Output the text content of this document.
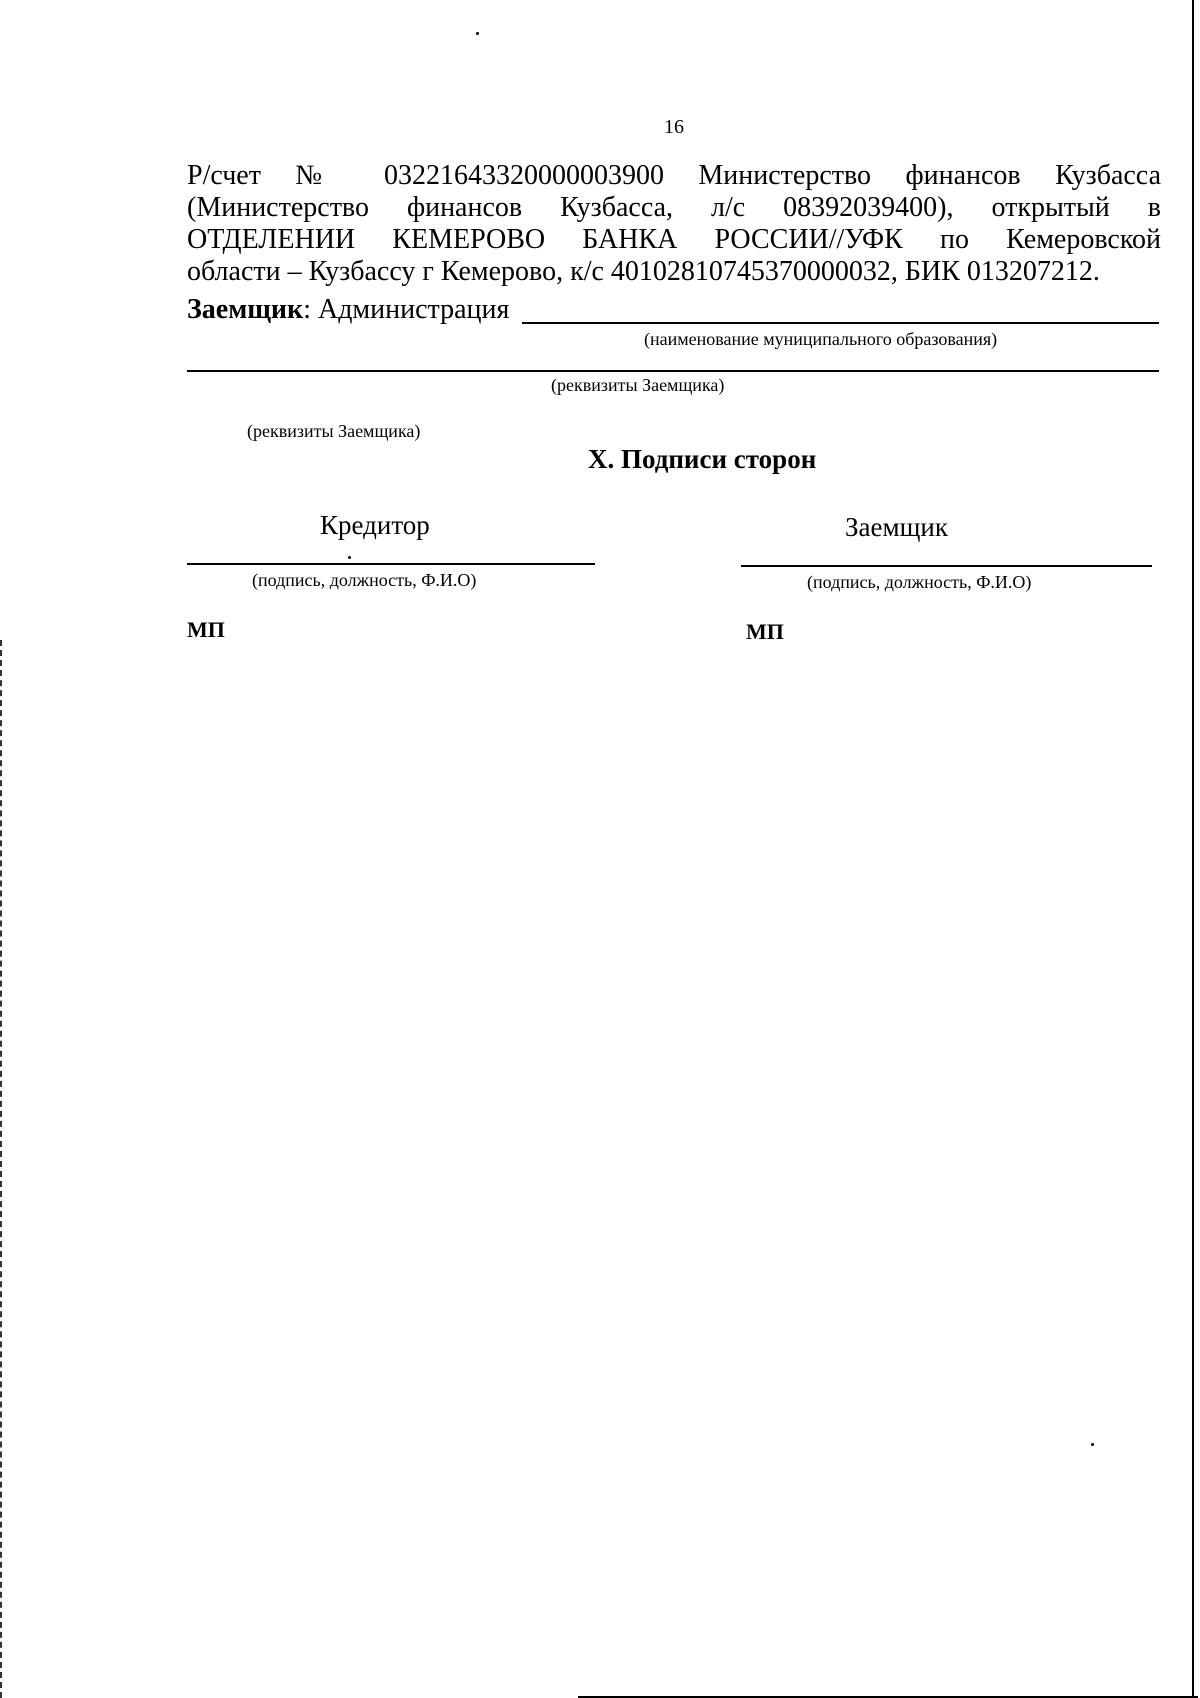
16
Р/счет № 03221643320000003900 Министерство финансов Кузбасса
(Министерство финансов Кузбасса, л/с 08392039400), открытый в
ОТДЕЛЕНИИ КЕМЕРОВО БАНКА РОССИИ//УФК по Кемеровской
области – Кузбассу г Кемерово, к/с 40102810745370000032, БИК 013207212.
Заемщик: Администрация
(наименование муниципального образования)
(реквизиты Заемщика)
(реквизиты Заемщика)
X. Подписи сторон
Кредитор	Заемщик
(подпись, должность, Ф.И.О)	(подпись, должность, Ф.И.О)
МП	МП
